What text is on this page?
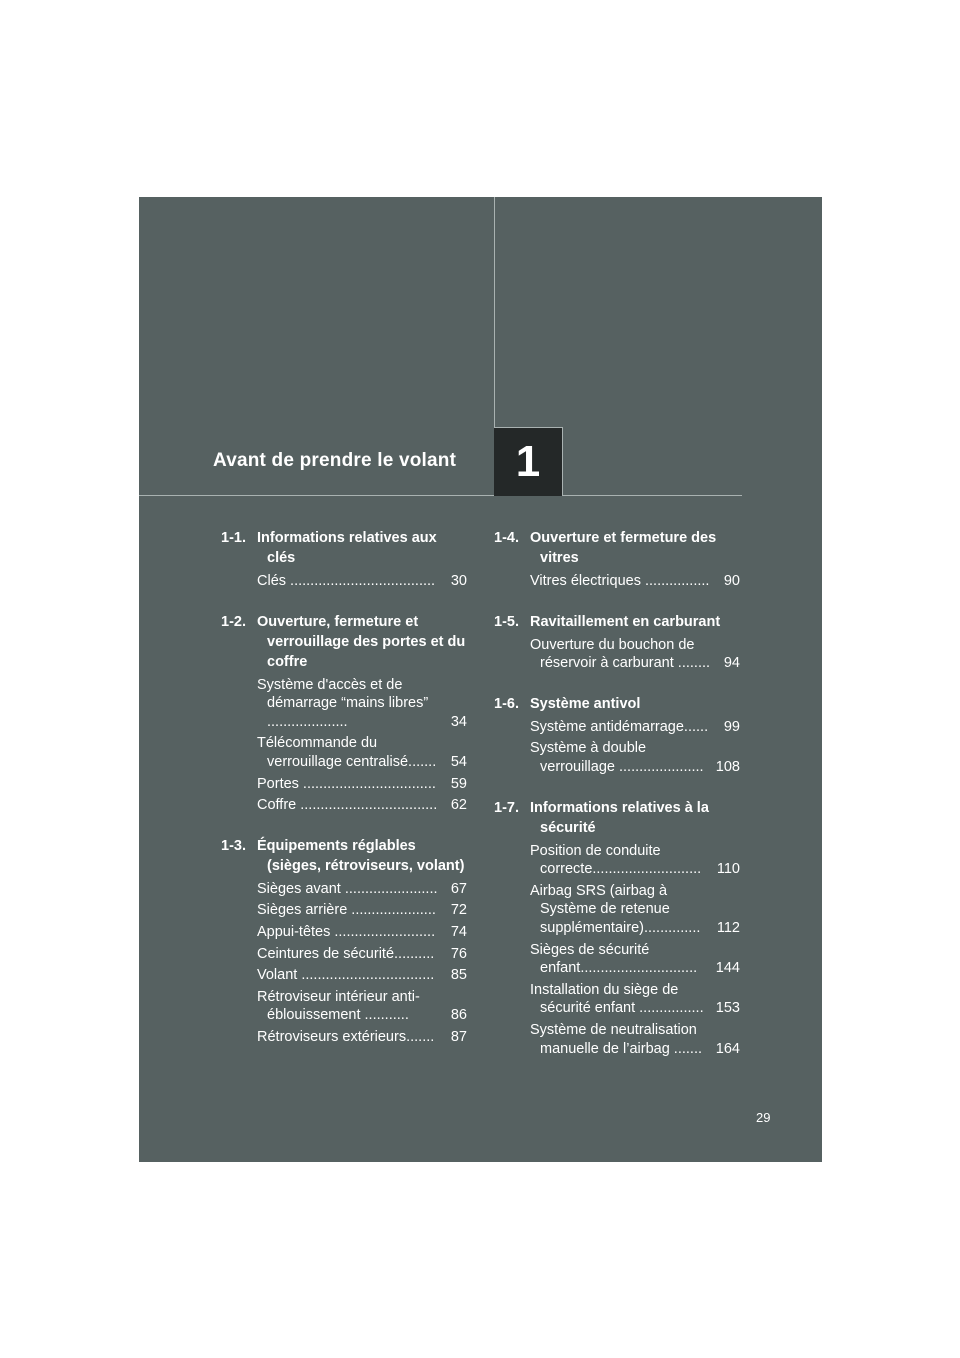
Avant de prendre le volant	1
1-1. Informations relatives aux clés
Clés ....................................	30
1-2. Ouverture, fermeture et verrouillage des portes et du coffre
Système d'accès et de démarrage “mains libres” ....................	34
Télécommande du verrouillage centralisé.......	54
Portes .................................	59
Coffre .................................. 62
1-3. Équipements réglables (sièges, rétroviseurs, volant)
Sièges avant ....................... 67
Sièges arrière .....................	72
Appui-têtes .........................	74
Ceintures de sécurité..........	76
Volant .................................	85
Rétroviseur intérieur anti-éblouissement ...........	86
Rétroviseurs extérieurs.......	87
1-4. Ouverture et fermeture des vitres
Vitres électriques ................ 90
1-5. Ravitaillement en carburant
Ouverture du bouchon de réservoir à carburant ........ 94
1-6. Système antivol
Système antidémarrage......	99
Système à double verrouillage ..................... 108
1-7. Informations relatives à la sécurité
Position de conduite correcte...........................	110
Airbag SRS (airbag à Système de retenue supplémentaire)..............	112
Sièges de sécurité enfant.............................	144
Installation du siège de sécurité enfant ................ 153
Système de neutralisation manuelle de l’airbag ....... 164
29
